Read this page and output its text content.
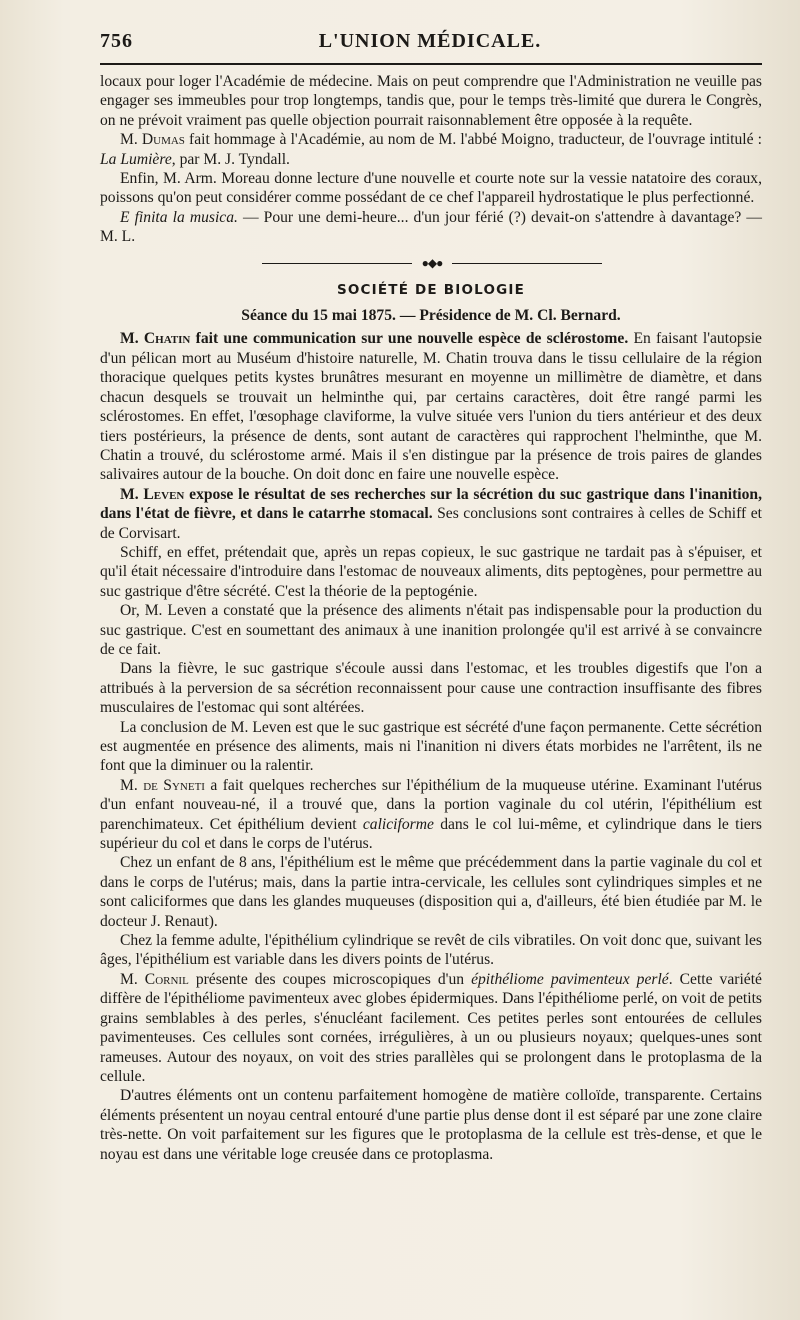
756	L'UNION MÉDICALE.

locaux pour loger l'Académie de médecine. Mais on peut comprendre que l'Administration ne veuille pas engager ses immeubles pour trop longtemps, tandis que, pour le temps très-limité que durera le Congrès, on ne prévoit vraiment pas quelle objection pourrait raisonnablement être opposée à la requête.

M. Dumas fait hommage à l'Académie, au nom de M. l'abbé Moigno, traducteur, de l'ouvrage intitulé : La Lumière, par M. J. Tyndall.

Enfin, M. Arm. Moreau donne lecture d'une nouvelle et courte note sur la vessie natatoire des coraux, poissons qu'on peut considérer comme possédant de ce chef l'appareil hydrostatique le plus perfectionné.

E finita la musica. — Pour une demi-heure... d'un jour férié (?) devait-on s'attendre à davantage? — M. L.

●◆●
SOCIÉTÉ DE BIOLOGIE
Séance du 15 mai 1875. — Présidence de M. Cl. Bernard.

M. Chatin fait une communication sur une nouvelle espèce de sclérostome. En faisant l'autopsie d'un pélican mort au Muséum d'histoire naturelle, M. Chatin trouva dans le tissu cellulaire de la région thoracique quelques petits kystes brunâtres mesurant en moyenne un millimètre de diamètre, et dans chacun desquels se trouvait un helminthe qui, par certains caractères, doit être rangé parmi les sclérostomes. En effet, l'œsophage claviforme, la vulve située vers l'union du tiers antérieur et des deux tiers postérieurs, la présence de dents, sont autant de caractères qui rapprochent l'helminthe, que M. Chatin a trouvé, du sclérostome armé. Mais il s'en distingue par la présence de trois paires de glandes salivaires autour de la bouche. On doit donc en faire une nouvelle espèce.

M. Leven expose le résultat de ses recherches sur la sécrétion du suc gastrique dans l'inanition, dans l'état de fièvre, et dans le catarrhe stomacal. Ses conclusions sont contraires à celles de Schiff et de Corvisart.

Schiff, en effet, prétendait que, après un repas copieux, le suc gastrique ne tardait pas à s'épuiser, et qu'il était nécessaire d'introduire dans l'estomac de nouveaux aliments, dits peptogènes, pour permettre au suc gastrique d'être sécrété. C'est la théorie de la peptogénie.

Or, M. Leven a constaté que la présence des aliments n'était pas indispensable pour la production du suc gastrique. C'est en soumettant des animaux à une inanition prolongée qu'il est arrivé à se convaincre de ce fait.

Dans la fièvre, le suc gastrique s'écoule aussi dans l'estomac, et les troubles digestifs que l'on a attribués à la perversion de sa sécrétion reconnaissent pour cause une contraction insuffisante des fibres musculaires de l'estomac qui sont altérées.

La conclusion de M. Leven est que le suc gastrique est sécrété d'une façon permanente. Cette sécrétion est augmentée en présence des aliments, mais ni l'inanition ni divers états morbides ne l'arrêtent, ils ne font que la diminuer ou la ralentir.

M. de Syneti a fait quelques recherches sur l'épithélium de la muqueuse utérine. Examinant l'utérus d'un enfant nouveau-né, il a trouvé que, dans la portion vaginale du col utérin, l'épithélium est parenchimateux. Cet épithélium devient caliciforme dans le col lui-même, et cylindrique dans le tiers supérieur du col et dans le corps de l'utérus.

Chez un enfant de 8 ans, l'épithélium est le même que précédemment dans la partie vaginale du col et dans le corps de l'utérus; mais, dans la partie intra-cervicale, les cellules sont cylindriques simples et ne sont caliciformes que dans les glandes muqueuses (disposition qui a, d'ailleurs, été bien étudiée par M. le docteur J. Renaut).

Chez la femme adulte, l'épithélium cylindrique se revêt de cils vibratiles. On voit donc que, suivant les âges, l'épithélium est variable dans les divers points de l'utérus.

M. Cornil présente des coupes microscopiques d'un épithéliome pavimenteux perlé. Cette variété diffère de l'épithéliome pavimenteux avec globes épidermiques. Dans l'épithéliome perlé, on voit de petits grains semblables à des perles, s'énucléant facilement. Ces petites perles sont entourées de cellules pavimenteuses. Ces cellules sont cornées, irrégulières, à un ou plusieurs noyaux; quelques-unes sont rameuses. Autour des noyaux, on voit des stries parallèles qui se prolongent dans le protoplasma de la cellule.

D'autres éléments ont un contenu parfaitement homogène de matière colloïde, transparente. Certains éléments présentent un noyau central entouré d'une partie plus dense dont il est séparé par une zone claire très-nette. On voit parfaitement sur les figures que le protoplasma de la cellule est très-dense, et que le noyau est dans une véritable loge creusée dans ce protoplasma.
